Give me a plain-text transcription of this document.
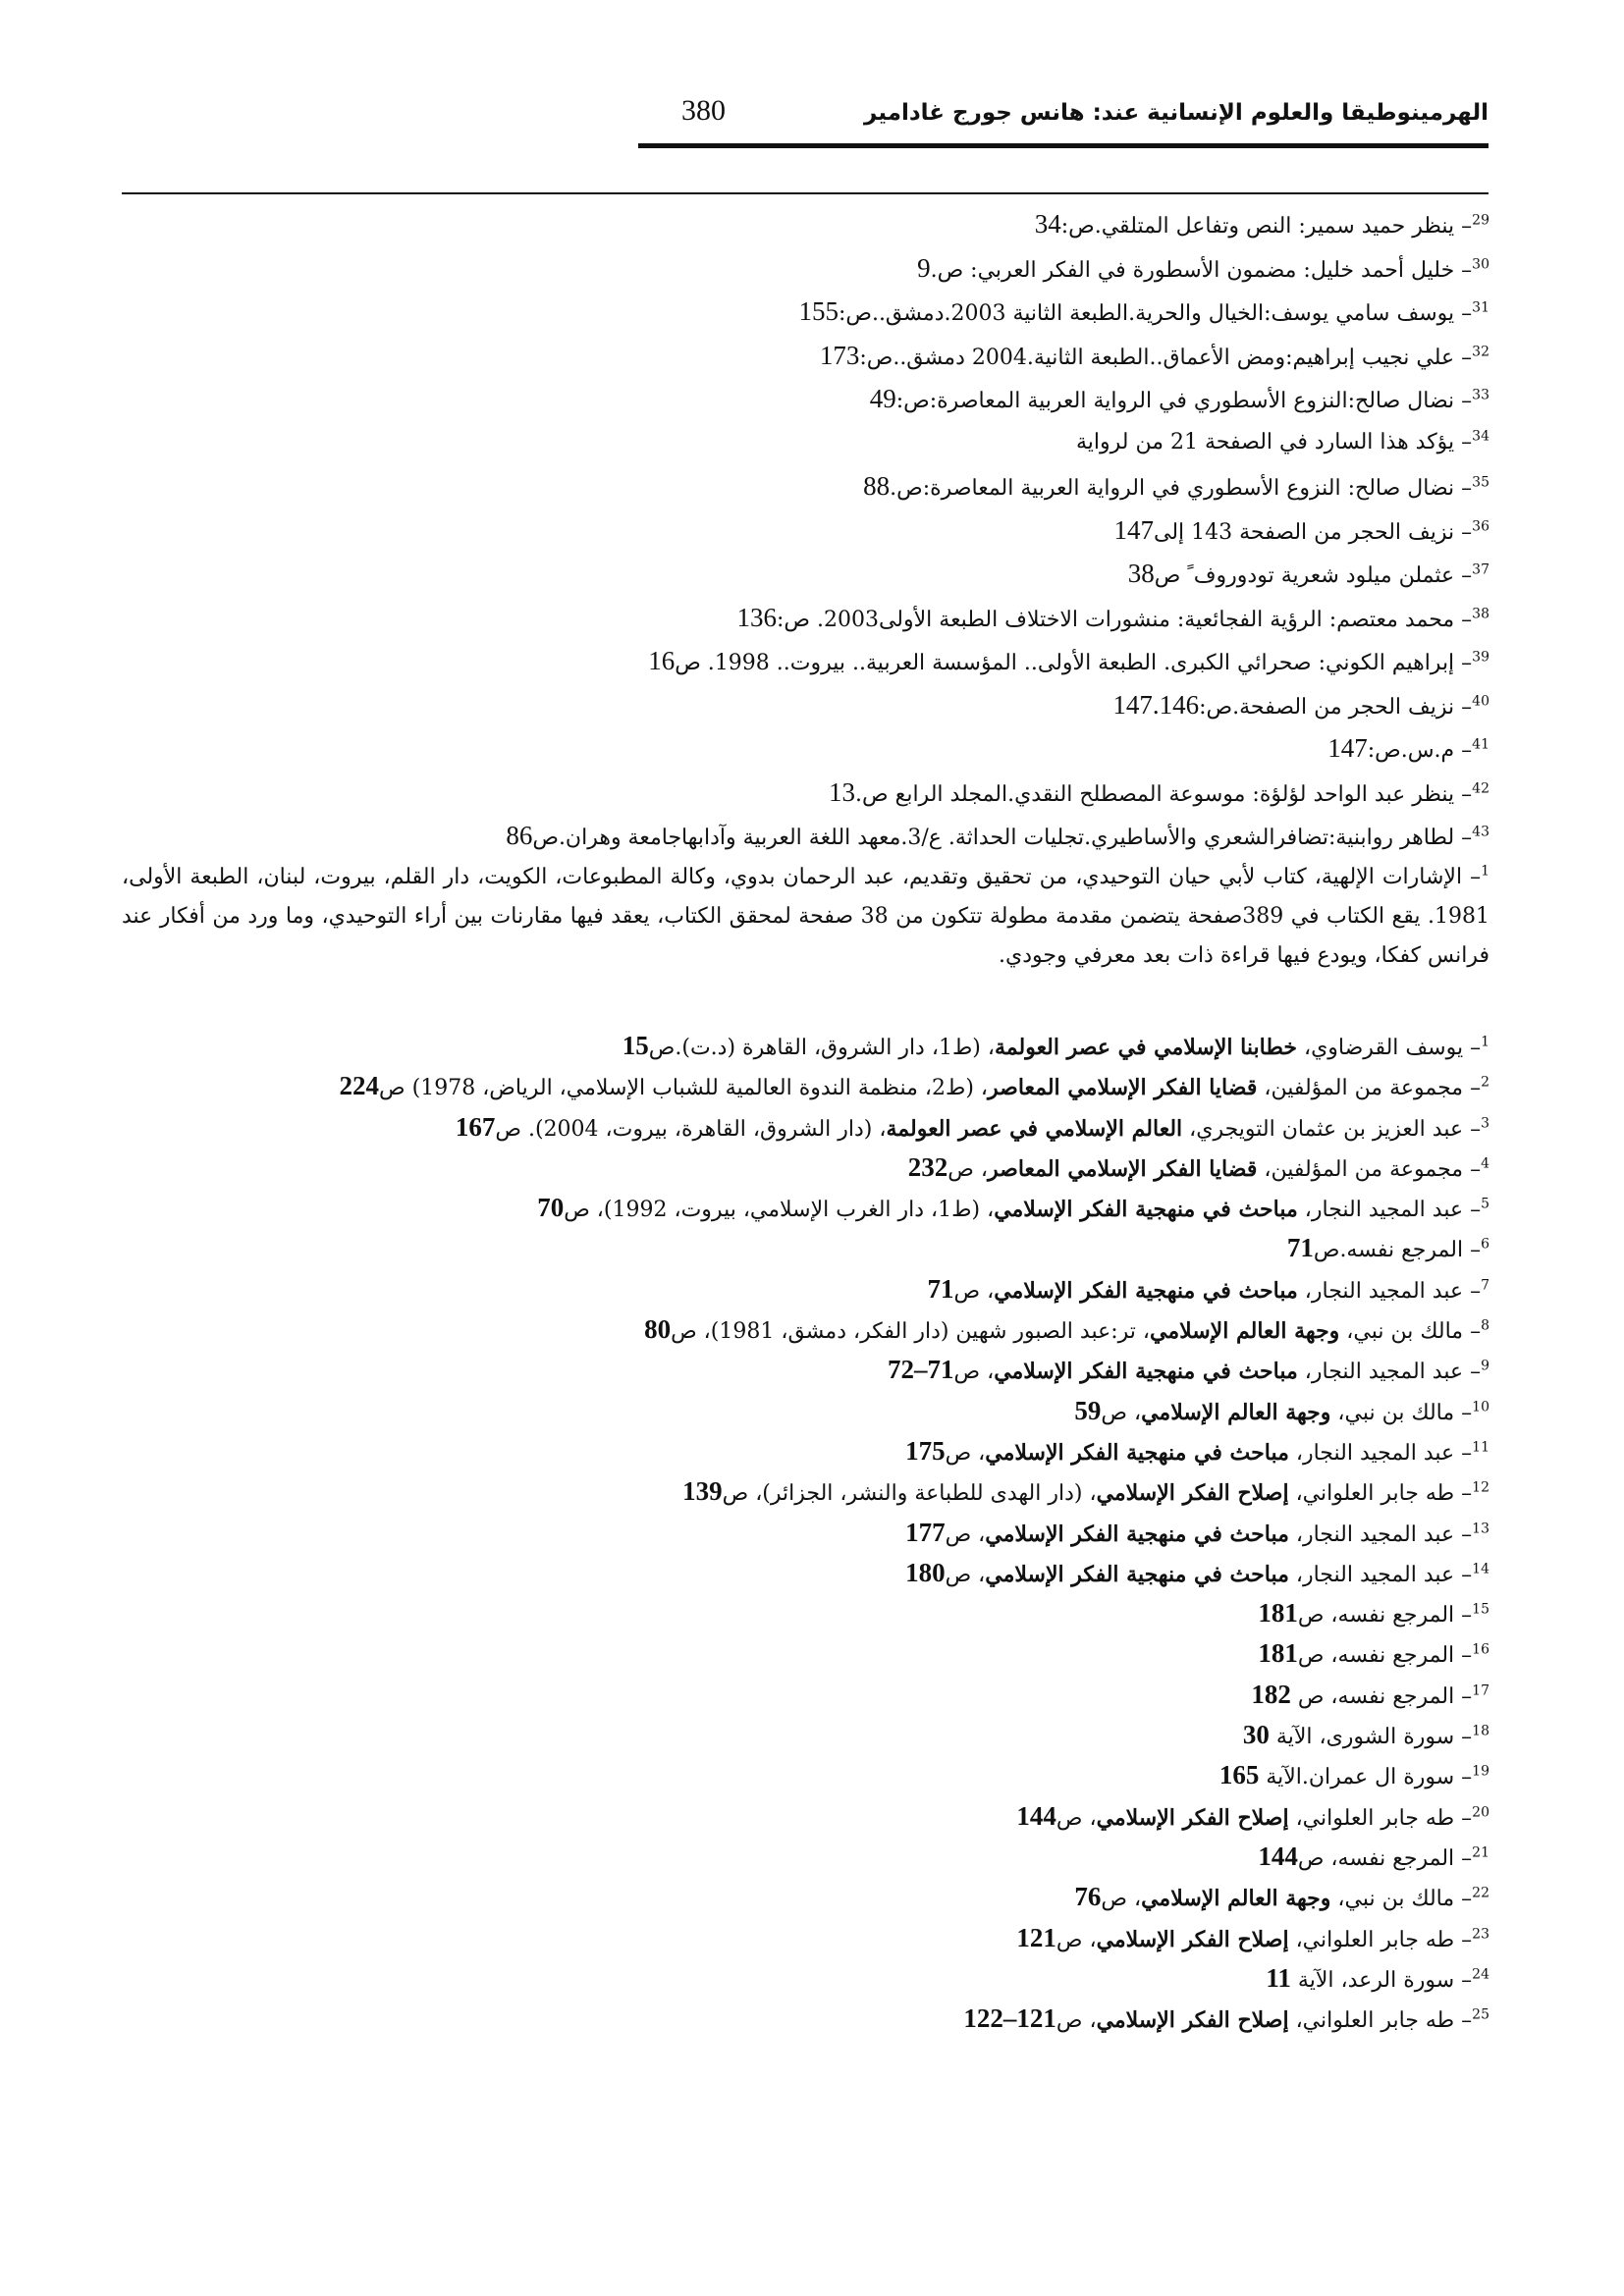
الهرمينوطيقا والعلوم الإنسانية عند: هانس جورج غادامير
380
$^{29}$– ينظر حميد سمير: النص وتفاعل المتلقي.ص:34
$^{30}$– خليل أحمد خليل: مضمون الأسطورة في الفكر العربي: ص.9
$^{31}$– يوسف سامي يوسف:الخيال والحرية.الطبعة الثانية 2003.دمشق..ص:155
$^{32}$– علي نجيب إبراهيم:ومض الأعماق..الطبعة الثانية.2004 دمشق..ص:173
$^{33}$– نضال صالح:النزوع الأسطوري في الرواية العربية المعاصرة:ص:49
$^{34}$– يؤكد هذا السارد في الصفحة 21 من لرواية
$^{35}$– نضال صالح: النزوع الأسطوري في الرواية العربية المعاصرة:ص.88
$^{36}$– نزيف الحجر من الصفحة 143 إلى147
$^{37}$– عثملن ميلود شعرية تودوروف ً ص38
$^{38}$– محمد معتصم: الرؤية الفجائعية: منشورات الاختلاف الطبعة الأولى2003. ص:136
$^{39}$– إبراهيم الكوني: صحرائي الكبرى. الطبعة الأولى.. المؤسسة العربية.. بيروت.. 1998. ص16
$^{40}$– نزيف الحجر من الصفحة.ص:147.146
$^{41}$– م.س.ص:147
$^{42}$– ينظر عبد الواحد لؤلؤة: موسوعة المصطلح النقدي.المجلد الرابع ص.13
$^{43}$– لطاهر روابنية:تضافرالشعري والأساطيري.تجليات الحداثة. ع/3.معهد اللغة العربية وآدابهاجامعة وهران.ص86
$^1$– الإشارات الإلهية، كتاب لأبي حيان التوحيدي، من تحقيق وتقديم، عبد الرحمان بدوي، وكالة المطبوعات، الكويت، دار القلم، بيروت، لبنان، الطبعة الأولى، 1981. يقع الكتاب في 389صفحة يتضمن مقدمة مطولة تتكون من 38 صفحة لمحقق الكتاب، يعقد فيها مقارنات بين أراء التوحيدي، وما ورد من أفكار عند فرانس كفكا، ويودع فيها قراءة ذات بعد معرفي وجودي.
$^1$– يوسف القرضاوي، خطابنا الإسلامي في عصر العولمة، (ط1، دار الشروق، القاهرة (د.ت).ص15
$^2$– مجموعة من المؤلفين، قضايا الفكر الإسلامي المعاصر، (ط2، منظمة الندوة العالمية للشباب الإسلامي، الرياض، 1978) ص224
$^3$– عبد العزيز بن عثمان التويجري، العالم الإسلامي في عصر العولمة، (دار الشروق، القاهرة، بيروت، 2004). ص167
$^4$– مجموعة من المؤلفين، قضايا الفكر الإسلامي المعاصر، ص232
$^5$– عبد المجيد النجار، مباحث في منهجية الفكر الإسلامي، (ط1، دار الغرب الإسلامي، بيروت، 1992)، ص70
$^6$– المرجع نفسه.ص71
$^7$– عبد المجيد النجار، مباحث في منهجية الفكر الإسلامي، ص71
$^8$– مالك بن نبي، وجهة العالم الإسلامي، تر:عبد الصبور شهين (دار الفكر، دمشق، 1981)، ص80
$^9$– عبد المجيد النجار، مباحث في منهجية الفكر الإسلامي، ص71–72
$^{10}$– مالك بن نبي، وجهة العالم الإسلامي، ص59
$^{11}$– عبد المجيد النجار، مباحث في منهجية الفكر الإسلامي، ص175
$^{12}$– طه جابر العلواني، إصلاح الفكر الإسلامي، (دار الهدى للطباعة والنشر، الجزائر)، ص139
$^{13}$– عبد المجيد النجار، مباحث في منهجية الفكر الإسلامي، ص177
$^{14}$– عبد المجيد النجار، مباحث في منهجية الفكر الإسلامي، ص180
$^{15}$– المرجع نفسه، ص181
$^{16}$– المرجع نفسه، ص181
$^{17}$– المرجع نفسه، ص 182
$^{18}$– سورة الشورى، الآية 30
$^{19}$– سورة ال عمران.الآية 165
$^{20}$– طه جابر العلواني، إصلاح الفكر الإسلامي، ص144
$^{21}$– المرجع نفسه، ص144
$^{22}$– مالك بن نبي، وجهة العالم الإسلامي، ص76
$^{23}$– طه جابر العلواني، إصلاح الفكر الإسلامي، ص121
$^{24}$– سورة الرعد، الآية 11
$^{25}$– طه جابر العلواني، إصلاح الفكر الإسلامي، ص121–122
